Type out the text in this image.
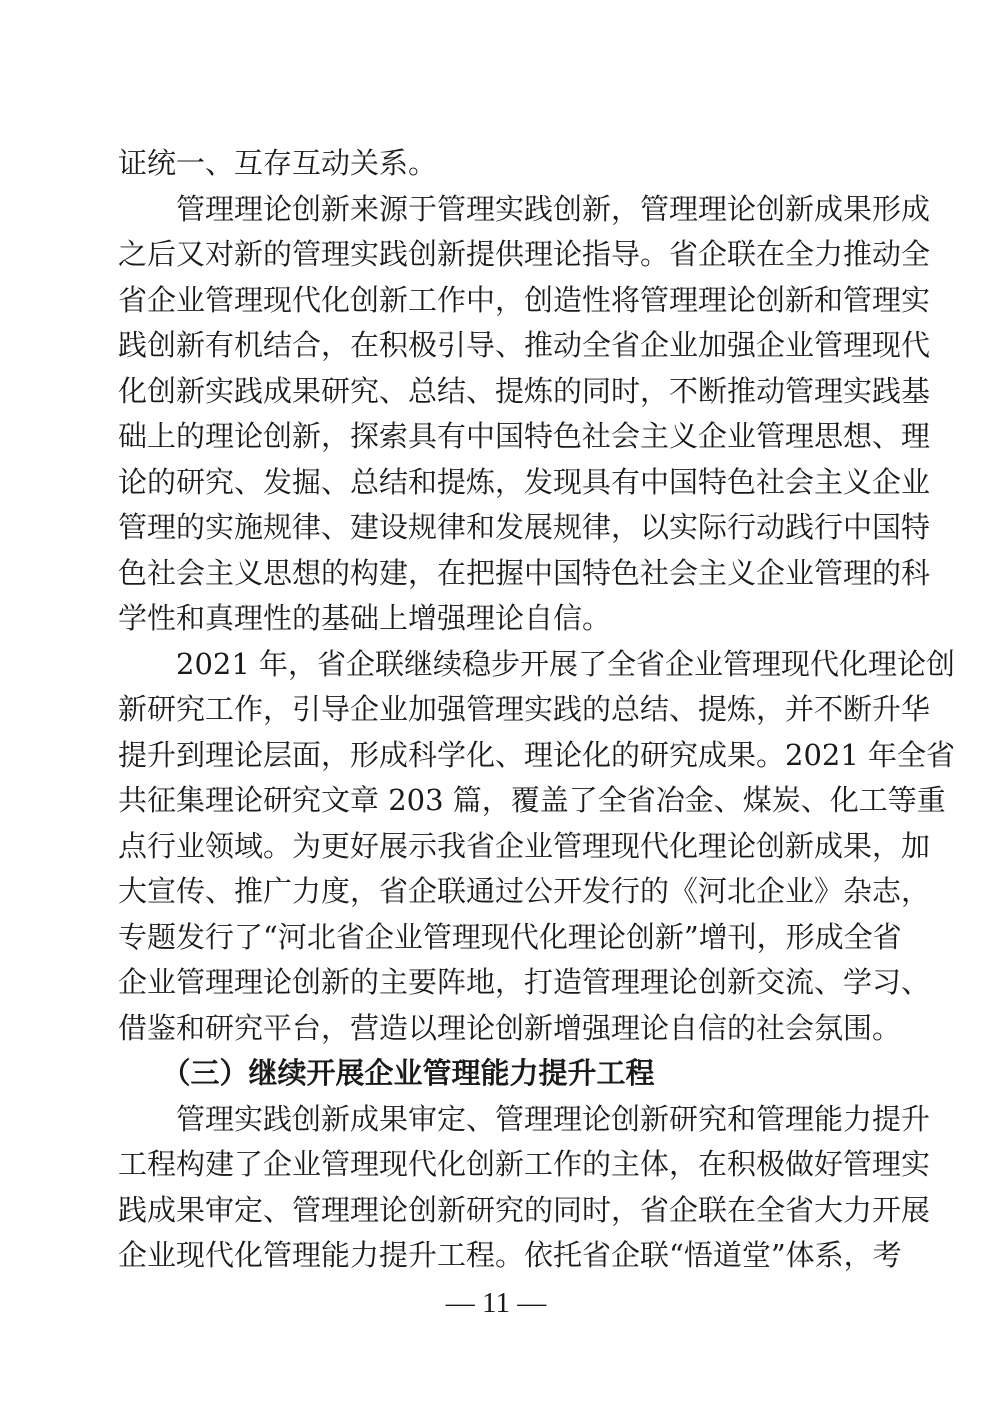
证统一、互存互动关系。
　　管理理论创新来源于管理实践创新，管理理论创新成果形成
之后又对新的管理实践创新提供理论指导。省企联在全力推动全
省企业管理现代化创新工作中，创造性将管理理论创新和管理实
践创新有机结合，在积极引导、推动全省企业加强企业管理现代
化创新实践成果研究、总结、提炼的同时，不断推动管理实践基
础上的理论创新，探索具有中国特色社会主义企业管理思想、理
论的研究、发掘、总结和提炼，发现具有中国特色社会主义企业
管理的实施规律、建设规律和发展规律，以实际行动践行中国特
色社会主义思想的构建，在把握中国特色社会主义企业管理的科
学性和真理性的基础上增强理论自信。
　　2021 年，省企联继续稳步开展了全省企业管理现代化理论创
新研究工作，引导企业加强管理实践的总结、提炼，并不断升华
提升到理论层面，形成科学化、理论化的研究成果。2021 年全省
共征集理论研究文章 203 篇，覆盖了全省冶金、煤炭、化工等重
点行业领域。为更好展示我省企业管理现代化理论创新成果，加
大宣传、推广力度，省企联通过公开发行的《河北企业》杂志，
专题发行了“河北省企业管理现代化理论创新”增刊，形成全省
企业管理理论创新的主要阵地，打造管理理论创新交流、学习、
借鉴和研究平台，营造以理论创新增强理论自信的社会氛围。
　　（三）继续开展企业管理能力提升工程
　　管理实践创新成果审定、管理理论创新研究和管理能力提升
工程构建了企业管理现代化创新工作的主体，在积极做好管理实
践成果审定、管理理论创新研究的同时，省企联在全省大力开展
企业现代化管理能力提升工程。依托省企联“悟道堂”体系，考
— 11 —
